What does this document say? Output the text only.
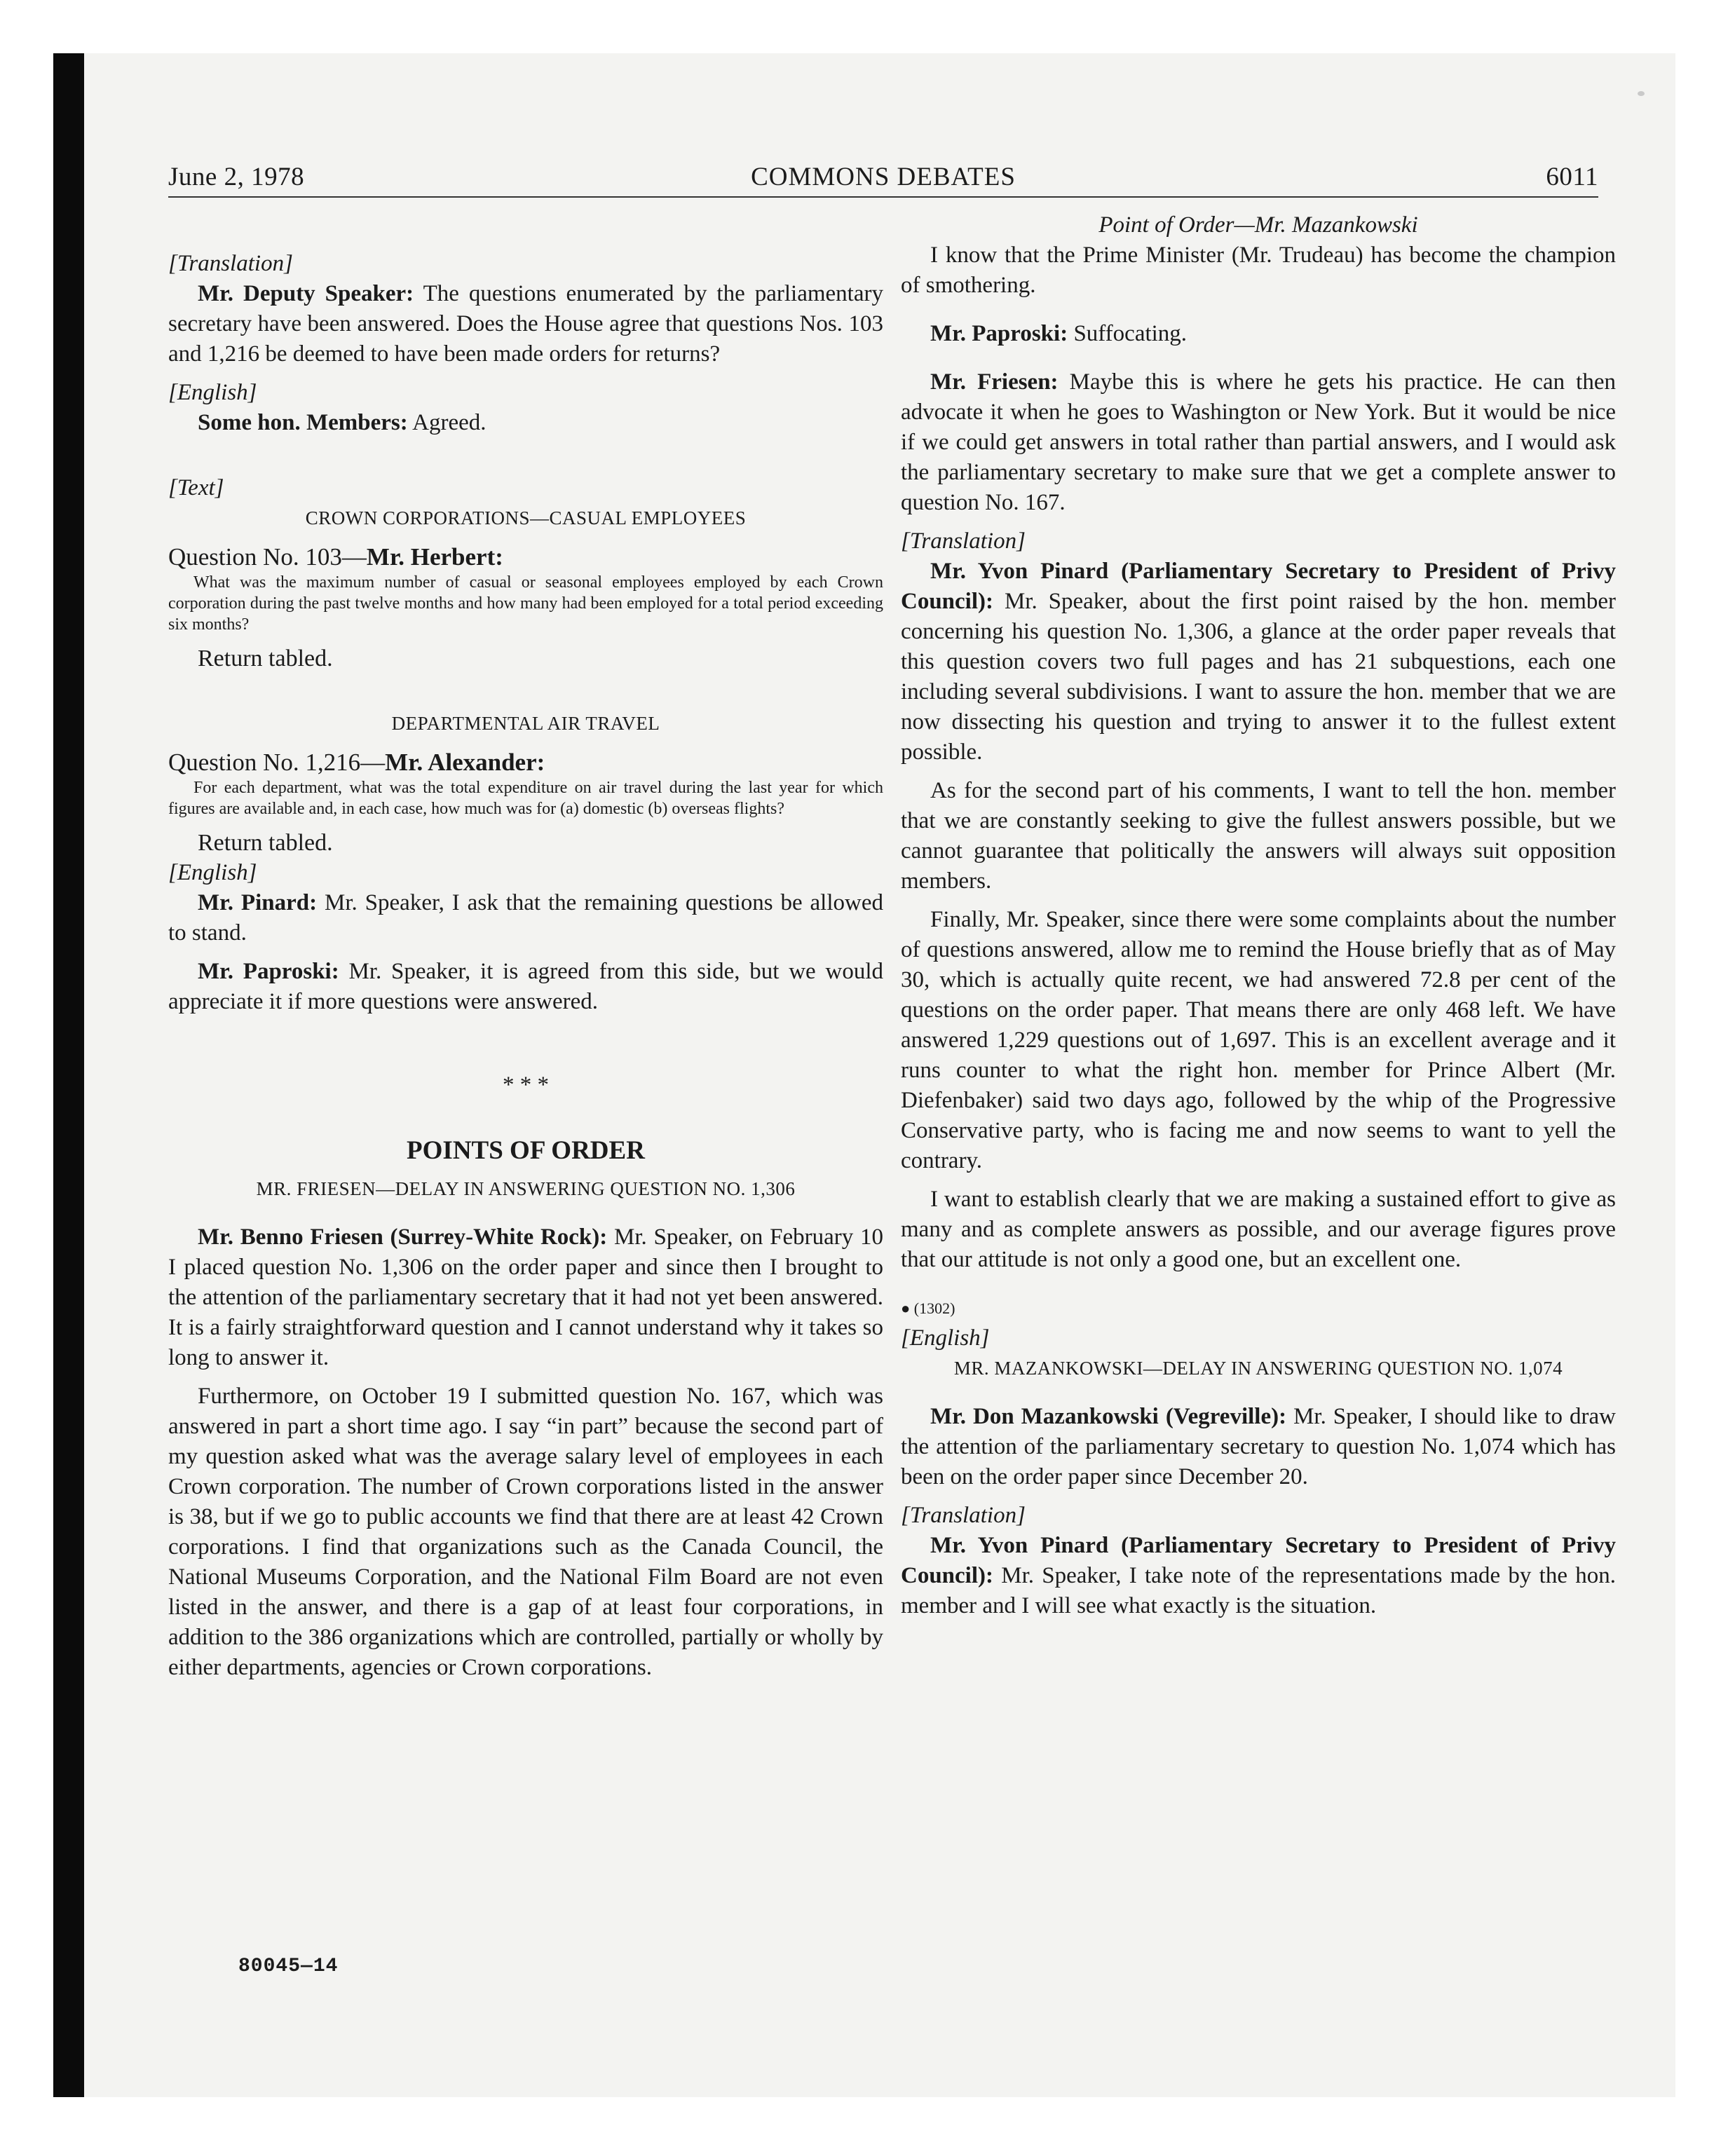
June 2, 1978	COMMONS DEBATES	6011

[Translation]

Mr. Deputy Speaker: The questions enumerated by the parliamentary secretary have been answered. Does the House agree that questions Nos. 103 and 1,216 be deemed to have been made orders for returns?

[English]

Some hon. Members: Agreed.

[Text]

CROWN CORPORATIONS—CASUAL EMPLOYEES

Question No. 103—Mr. Herbert:

What was the maximum number of casual or seasonal employees employed by each Crown corporation during the past twelve months and how many had been employed for a total period exceeding six months?

Return tabled.

DEPARTMENTAL AIR TRAVEL

Question No. 1,216—Mr. Alexander:

For each department, what was the total expenditure on air travel during the last year for which figures are available and, in each case, how much was for (a) domestic (b) overseas flights?

Return tabled.

[English]

Mr. Pinard: Mr. Speaker, I ask that the remaining questions be allowed to stand.

Mr. Paproski: Mr. Speaker, it is agreed from this side, but we would appreciate it if more questions were answered.

* * *

POINTS OF ORDER

MR. FRIESEN—DELAY IN ANSWERING QUESTION NO. 1,306

Mr. Benno Friesen (Surrey-White Rock): Mr. Speaker, on February 10 I placed question No. 1,306 on the order paper and since then I brought to the attention of the parliamentary secretary that it had not yet been answered. It is a fairly straightforward question and I cannot understand why it takes so long to answer it.

Furthermore, on October 19 I submitted question No. 167, which was answered in part a short time ago. I say “in part” because the second part of my question asked what was the average salary level of employees in each Crown corporation. The number of Crown corporations listed in the answer is 38, but if we go to public accounts we find that there are at least 42 Crown corporations. I find that organizations such as the Canada Council, the National Museums Corporation, and the National Film Board are not even listed in the answer, and there is a gap of at least four corporations, in addition to the 386 organizations which are controlled, partially or wholly by either departments, agencies or Crown corporations.

Point of Order—Mr. Mazankowski

I know that the Prime Minister (Mr. Trudeau) has become the champion of smothering.

Mr. Paproski: Suffocating.

Mr. Friesen: Maybe this is where he gets his practice. He can then advocate it when he goes to Washington or New York. But it would be nice if we could get answers in total rather than partial answers, and I would ask the parliamentary secretary to make sure that we get a complete answer to question No. 167.

[Translation]

Mr. Yvon Pinard (Parliamentary Secretary to President of Privy Council): Mr. Speaker, about the first point raised by the hon. member concerning his question No. 1,306, a glance at the order paper reveals that this question covers two full pages and has 21 subquestions, each one including several subdivisions. I want to assure the hon. member that we are now dissecting his question and trying to answer it to the fullest extent possible.

As for the second part of his comments, I want to tell the hon. member that we are constantly seeking to give the fullest answers possible, but we cannot guarantee that politically the answers will always suit opposition members.

Finally, Mr. Speaker, since there were some complaints about the number of questions answered, allow me to remind the House briefly that as of May 30, which is actually quite recent, we had answered 72.8 per cent of the questions on the order paper. That means there are only 468 left. We have answered 1,229 questions out of 1,697. This is an excellent average and it runs counter to what the right hon. member for Prince Albert (Mr. Diefenbaker) said two days ago, followed by the whip of the Progressive Conservative party, who is facing me and now seems to want to yell the contrary.

I want to establish clearly that we are making a sustained effort to give as many and as complete answers as possible, and our average figures prove that our attitude is not only a good one, but an excellent one.

● (1302)

[English]

MR. MAZANKOWSKI—DELAY IN ANSWERING QUESTION NO. 1,074

Mr. Don Mazankowski (Vegreville): Mr. Speaker, I should like to draw the attention of the parliamentary secretary to question No. 1,074 which has been on the order paper since December 20.

[Translation]

Mr. Yvon Pinard (Parliamentary Secretary to President of Privy Council): Mr. Speaker, I take note of the representations made by the hon. member and I will see what exactly is the situation.

80045—14
